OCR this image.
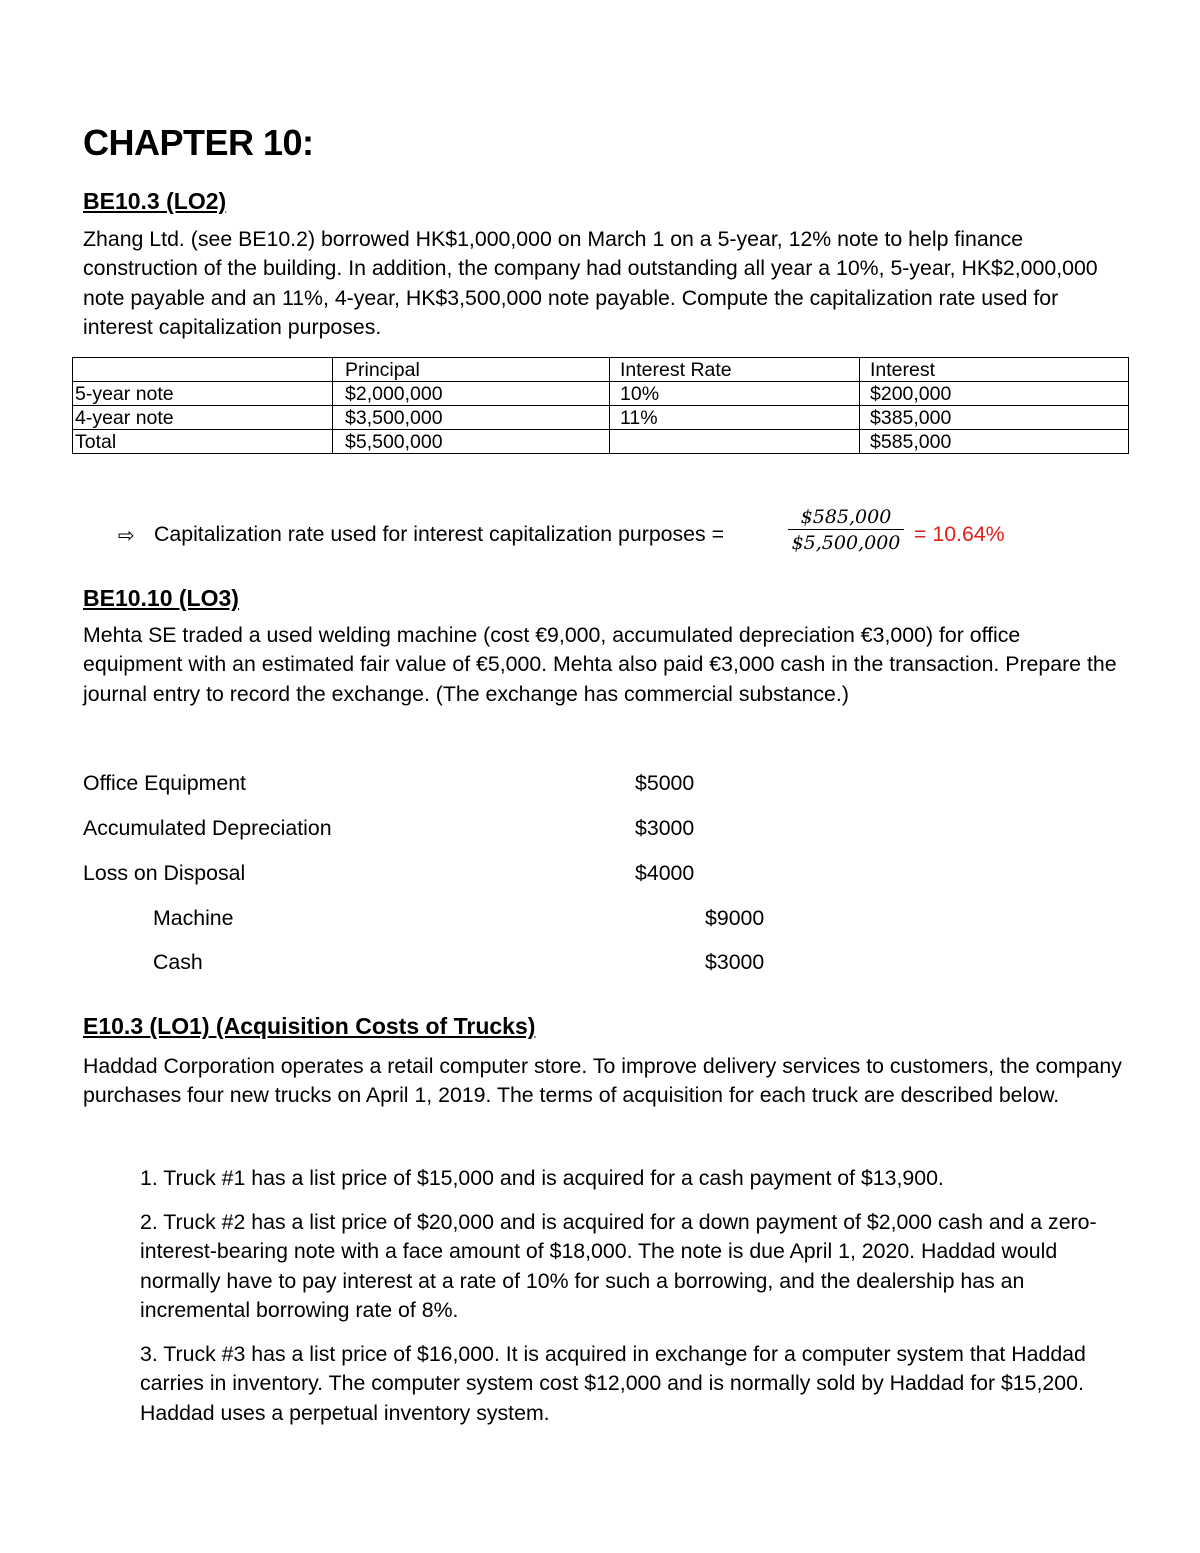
CHAPTER 10:
BE10.3 (LO2)
Zhang Ltd. (see BE10.2) borrowed HK$1,000,000 on March 1 on a 5-year, 12% note to help finance construction of the building. In addition, the company had outstanding all year a 10%, 5-year, HK$2,000,000 note payable and an 11%, 4-year, HK$3,500,000 note payable. Compute the capitalization rate used for interest capitalization purposes.
	Principal	Interest Rate	Interest
5-year note	$2,000,000	10%	$200,000
4-year note	$3,500,000	11%	$385,000
Total	$5,500,000		$585,000
⇨ Capitalization rate used for interest capitalization purposes =	$\frac{\$585,000}{\$5,500,000} = 10.64\%$
BE10.10 (LO3)
Mehta SE traded a used welding machine (cost €9,000, accumulated depreciation €3,000) for office equipment with an estimated fair value of €5,000. Mehta also paid €3,000 cash in the transaction. Prepare the journal entry to record the exchange. (The exchange has commercial substance.)
Office Equipment	$5000
Accumulated Depreciation	$3000
Loss on Disposal	$4000
Machine	$9000
Cash	$3000
E10.3 (LO1) (Acquisition Costs of Trucks)
Haddad Corporation operates a retail computer store. To improve delivery services to customers, the company purchases four new trucks on April 1, 2019. The terms of acquisition for each truck are described below.
1. Truck #1 has a list price of $15,000 and is acquired for a cash payment of $13,900.
2. Truck #2 has a list price of $20,000 and is acquired for a down payment of $2,000 cash and a zero- interest-bearing note with a face amount of $18,000. The note is due April 1, 2020. Haddad would normally have to pay interest at a rate of 10% for such a borrowing, and the dealership has an incremental borrowing rate of 8%.
3. Truck #3 has a list price of $16,000. It is acquired in exchange for a computer system that Haddad carries in inventory. The computer system cost $12,000 and is normally sold by Haddad for $15,200. Haddad uses a perpetual inventory system.
